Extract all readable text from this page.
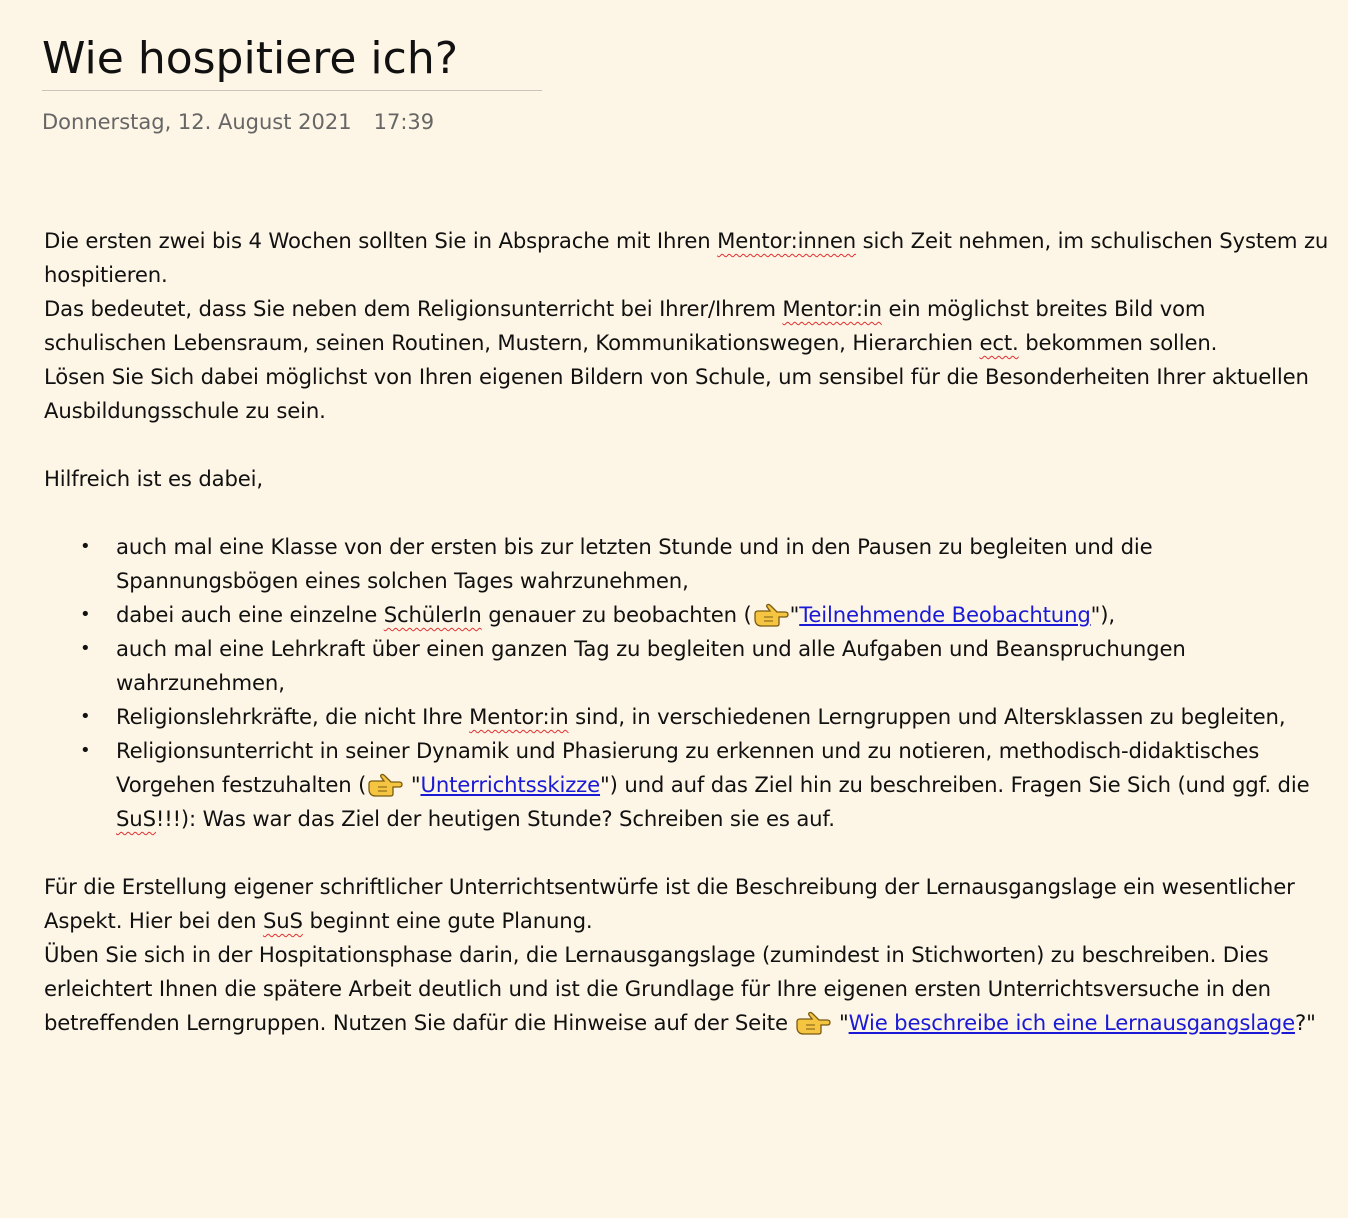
Wie hospitiere ich?
Donnerstag, 12. August 2021 17:39

Die ersten zwei bis 4 Wochen sollten Sie in Absprache mit Ihren Mentor:innen sich Zeit nehmen, im schulischen System zu hospitieren.

Das bedeutet, dass Sie neben dem Religionsunterricht bei Ihrer/Ihrem Mentor:in ein möglichst breites Bild vom schulischen Lebensraum, seinen Routinen, Mustern, Kommunikationswegen, Hierarchien ect. bekommen sollen.

Lösen Sie Sich dabei möglichst von Ihren eigenen Bildern von Schule, um sensibel für die Besonderheiten Ihrer aktuellen Ausbildungsschule zu sein.

Hilfreich ist es dabei,

• auch mal eine Klasse von der ersten bis zur letzten Stunde und in den Pausen zu begleiten und die Spannungsbögen eines solchen Tages wahrzunehmen,
• dabei auch eine einzelne SchülerIn genauer zu beobachten ( "Teilnehmende Beobachtung"),
• auch mal eine Lehrkraft über einen ganzen Tag zu begleiten und alle Aufgaben und Beanspruchungen wahrzunehmen,
• Religionslehrkräfte, die nicht Ihre Mentor:in sind, in verschiedenen Lerngruppen und Altersklassen zu begleiten,
• Religionsunterricht in seiner Dynamik und Phasierung zu erkennen und zu notieren, methodisch-didaktisches Vorgehen festzuhalten (
"Unterrichtsskizze") und auf das Ziel hin zu beschreiben. Fragen Sie Sich (und ggf. die SuS!!!): Was war das Ziel der heutigen Stunde? Schreiben sie es auf.

Für die Erstellung eigener schriftlicher Unterrichtsentwürfe ist die Beschreibung der Lernausgangslage ein wesentlicher Aspekt. Hier bei den SuS beginnt eine gute Planung.

Üben Sie sich in der Hospitationsphase darin, die Lernausgangslage (zumindest in Stichworten) zu beschreiben. Dies erleichtert Ihnen die spätere Arbeit deutlich und ist die Grundlage für Ihre eigenen ersten Unterrichtsversuche in den betreffenden Lerngruppen. Nutzen Sie dafür die Hinweise auf der Seite
"Wie beschreibe ich eine Lernausgangslage?"
